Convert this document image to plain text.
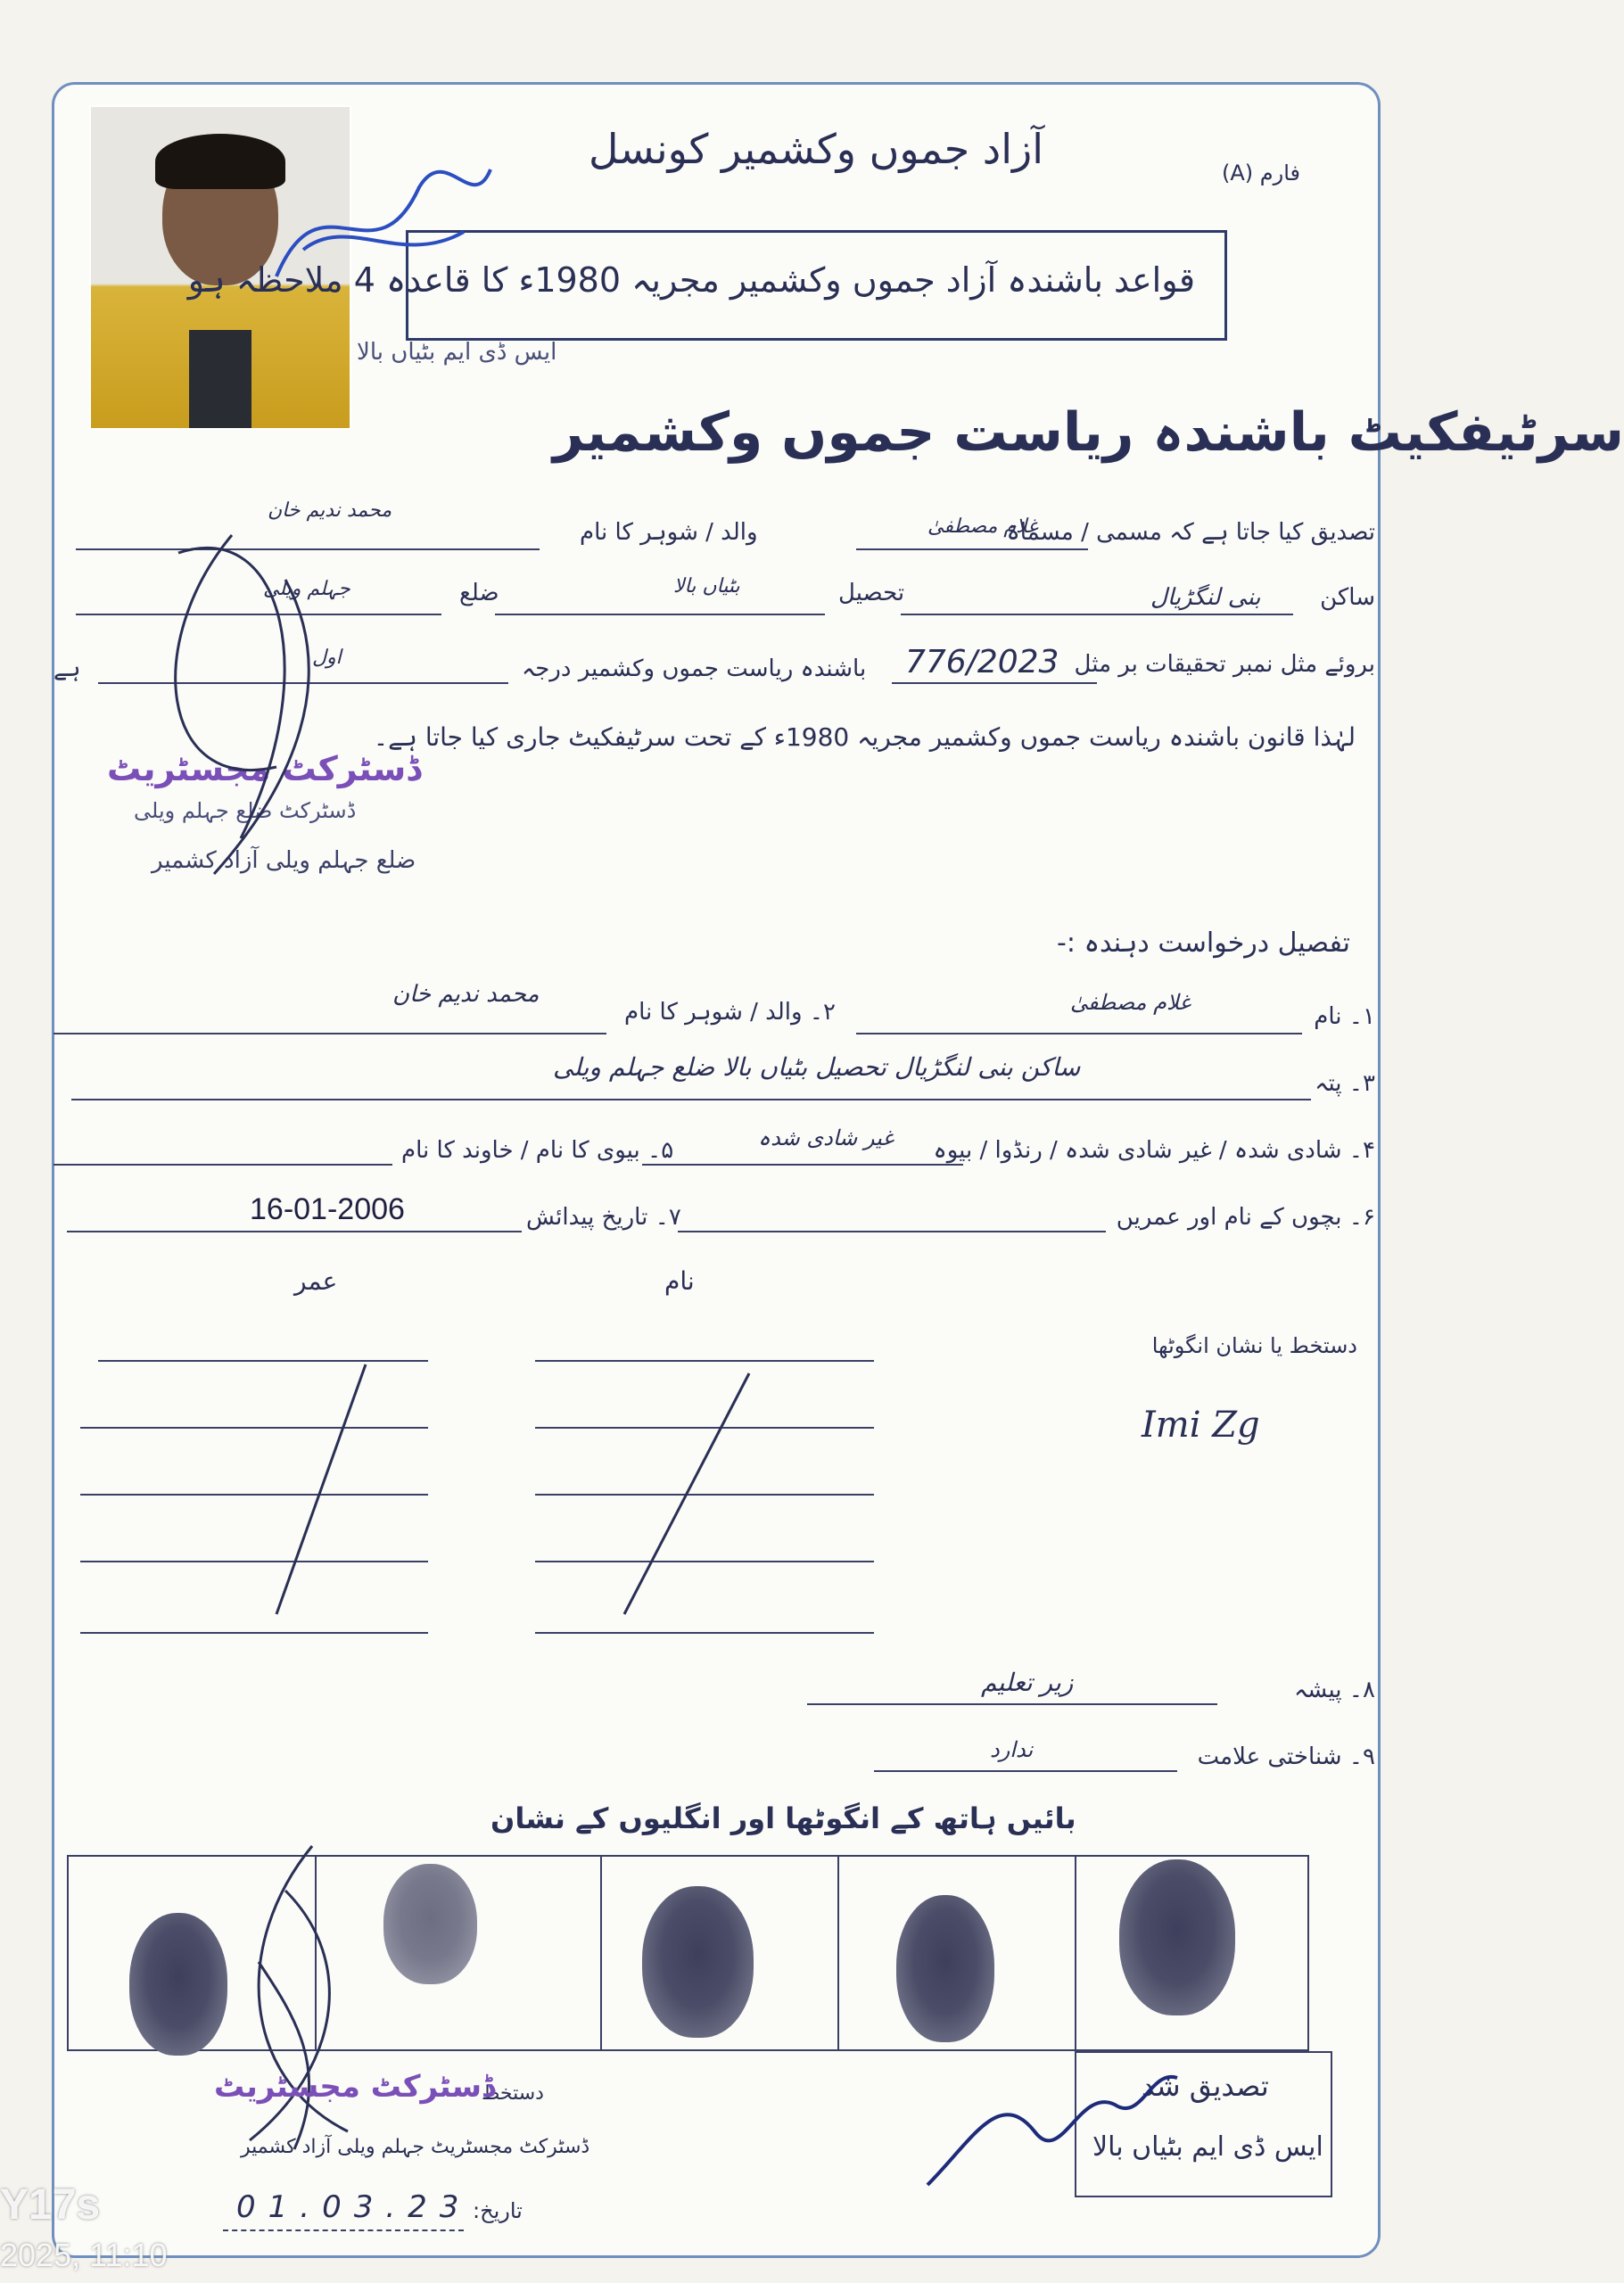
آزاد جموں وکشمیر کونسل	فارم (A)
قواعد باشندہ آزاد جموں وکشمیر مجریہ 1980ء کا قاعدہ 4 ملاحظہ ہو
ایس ڈی ایم بٹیاں بالا
سرٹیفکیٹ باشندہ ریاست جموں وکشمیر
تصدیق کیا جاتا ہے کہ مسمی / مسماۃ
غلام مصطفیٰ
والد / شوہر کا نام
محمد ندیم خان
ساکن
بنی لنگڑیال
تحصیل
بٹیاں بالا
ضلع
جہلم ویلی
بروئے مثل نمبر تحقیقات بر مثل
776/2023
باشندہ ریاست جموں وکشمیر درجہ
اول
ہے
لہٰذا قانون باشندہ ریاست جموں وکشمیر مجریہ 1980ء کے تحت سرٹیفکیٹ جاری کیا جاتا ہے۔
ڈسٹرکٹ مجسٹریٹ
ڈسٹرکٹ ضلع جہلم ویلی
ضلع جہلم ویلی آزاد کشمیر
تفصیل درخواست دہندہ :-
۱۔ نام
غلام مصطفیٰ
۲۔ والد / شوہر کا نام
محمد ندیم خان
۳۔ پتہ
ساکن بنی لنگڑیال تحصیل بٹیاں بالا ضلع جہلم ویلی
۴۔ شادی شدہ / غیر شادی شدہ / رنڈوا / بیوہ
غیر شادی شدہ
۵۔ بیوی کا نام / خاوند کا نام
۶۔ بچوں کے نام اور عمریں
۷۔ تاریخ پیدائش
16-01-2006
نام
عمر
دستخط یا نشان انگوٹھا
Imi Zg
۸۔ پیشہ
زیر تعلیم
۹۔ شناختی علامت
ندارد
بائیں ہاتھ کے انگوٹھا اور انگلیوں کے نشان
دستخط
ڈسٹرکٹ مجسٹریٹ
ڈسٹرکٹ مجسٹریٹ جہلم ویلی آزاد کشمیر
تاریخ:
01.03.23
تصدیق شد
ایس ڈی ایم بٹیاں بالا
Y17s
2025, 11:10
